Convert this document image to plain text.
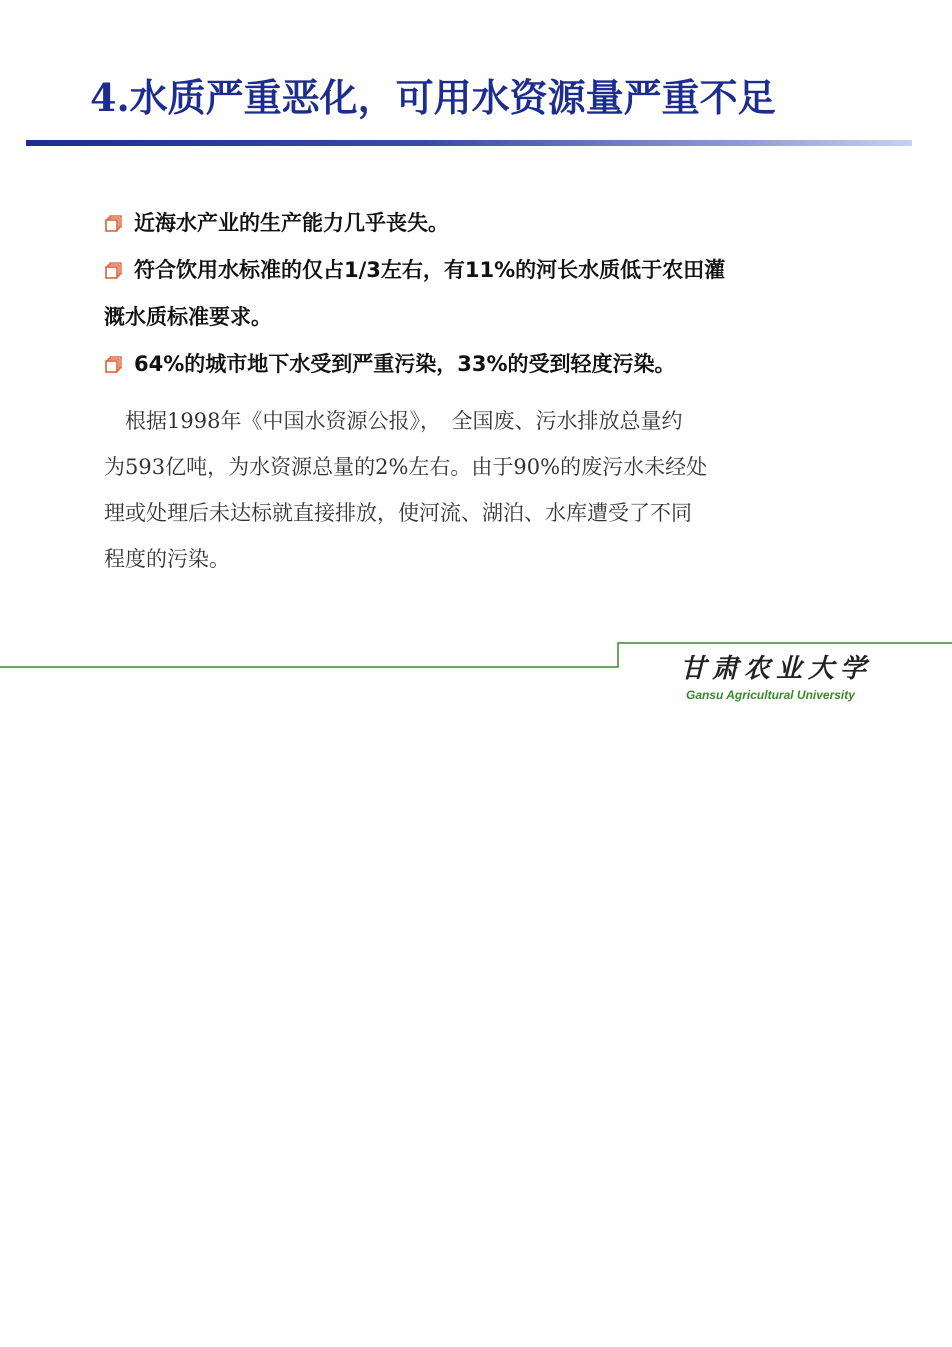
4.水质严重恶化，可用水资源量严重不足
近海水产业的生产能力几乎丧失。
符合饮用水标准的仅占1/3左右，有11%的河长水质低于农田灌
溉水质标准要求。
64%的城市地下水受到严重污染，33%的受到轻度污染。
　根据1998年《中国水资源公报》，　全国废、污水排放总量约
为593亿吨，为水资源总量的2%左右。由于90%的废污水未经处
理或处理后未达标就直接排放，使河流、湖泊、水库遭受了不同
程度的污染。
甘肃农业大学
Gansu Agricultural University
